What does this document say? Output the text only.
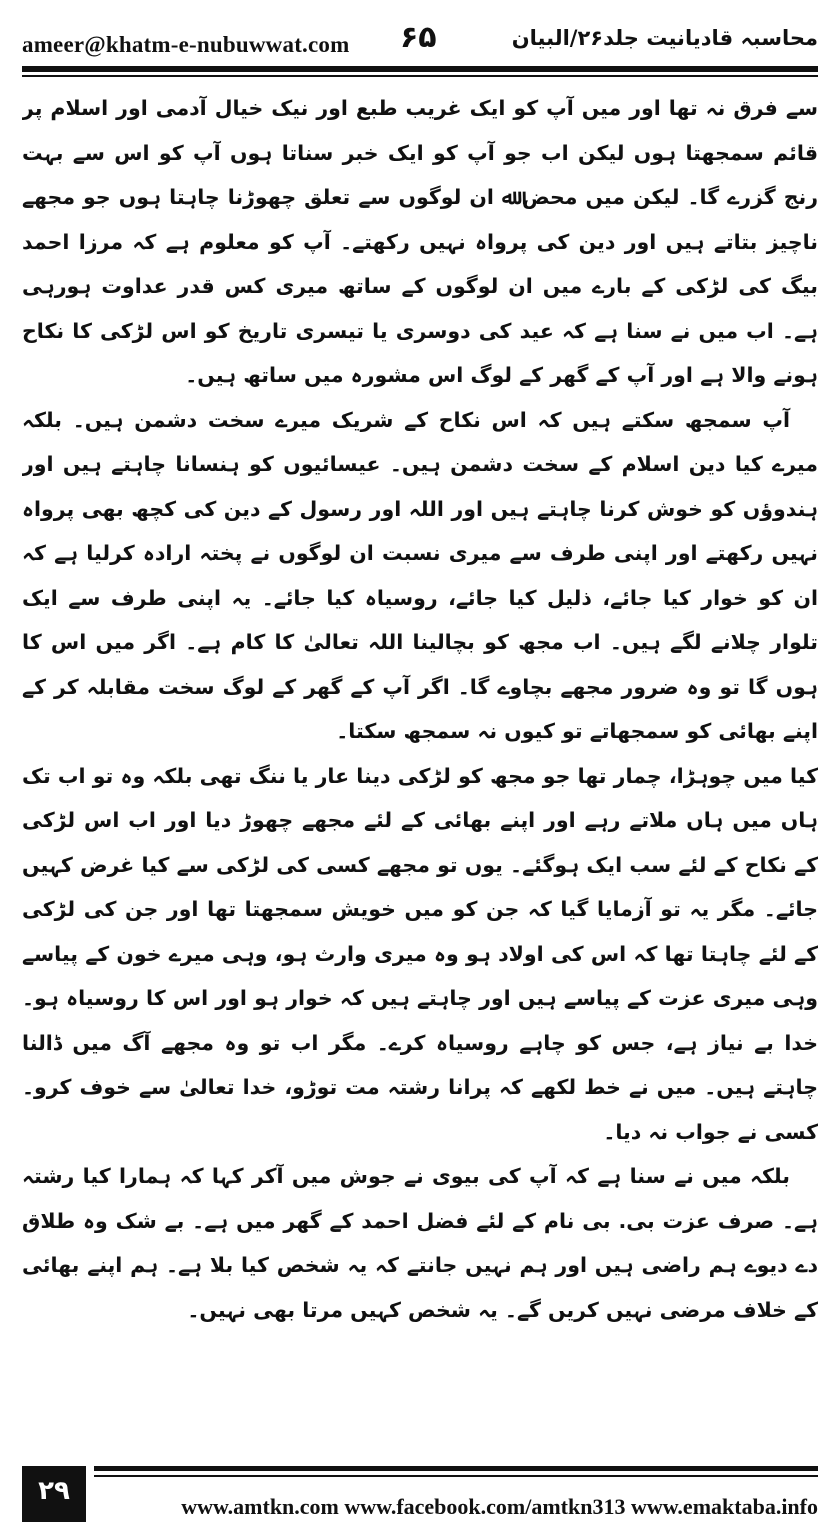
ameer@khatm-e-nubuwwat.com ۶۵	محاسبہ قادیانیت جلد۲۶/البیان

سے فرق نہ تھا اور میں آپ کو ایک غریب طبع اور نیک خیال آدمی اور اسلام پر قائم سمجھتا ہوں لیکن اب جو آپ کو ایک خبر سناتا ہوں آپ کو اس سے بہت رنج گزرے گا۔ لیکن میں محض ﷲ ان لوگوں سے تعلق چھوڑنا چاہتا ہوں جو مجھے ناچیز بتاتے ہیں اور دین کی پرواہ نہیں رکھتے۔ آپ کو معلوم ہے کہ مرزا احمد بیگ کی لڑکی کے بارے میں ان لوگوں کے ساتھ میری کس قدر عداوت ہورہی ہے۔ اب میں نے سنا ہے کہ عید کی دوسری یا تیسری تاریخ کو اس لڑکی کا نکاح ہونے والا ہے اور آپ کے گھر کے لوگ اس مشورہ میں ساتھ ہیں۔

آپ سمجھ سکتے ہیں کہ اس نکاح کے شریک میرے سخت دشمن ہیں۔ بلکہ میرے کیا دین اسلام کے سخت دشمن ہیں۔ عیسائیوں کو ہنسانا چاہتے ہیں اور ہندوؤں کو خوش کرنا چاہتے ہیں اور اللہ اور رسول کے دین کی کچھ بھی پرواہ نہیں رکھتے اور اپنی طرف سے میری نسبت ان لوگوں نے پختہ ارادہ کرلیا ہے کہ ان کو خوار کیا جائے، ذلیل کیا جائے، روسیاہ کیا جائے۔ یہ اپنی طرف سے ایک تلوار چلانے لگے ہیں۔ اب مجھ کو بچالینا اللہ تعالیٰ کا کام ہے۔ اگر میں اس کا ہوں گا تو وہ ضرور مجھے بچاوے گا۔ اگر آپ کے گھر کے لوگ سخت مقابلہ کر کے اپنے بھائی کو سمجھاتے تو کیوں نہ سمجھ سکتا۔

کیا میں چوہڑا، چمار تھا جو مجھ کو لڑکی دینا عار یا ننگ تھی بلکہ وہ تو اب تک ہاں میں ہاں ملاتے رہے اور اپنے بھائی کے لئے مجھے چھوڑ دیا اور اب اس لڑکی کے نکاح کے لئے سب ایک ہوگئے۔ یوں تو مجھے کسی کی لڑکی سے کیا غرض کہیں جائے۔ مگر یہ تو آزمایا گیا کہ جن کو میں خویش سمجھتا تھا اور جن کی لڑکی کے لئے چاہتا تھا کہ اس کی اولاد ہو وہ میری وارث ہو، وہی میرے خون کے پیاسے وہی میری عزت کے پیاسے ہیں اور چاہتے ہیں کہ خوار ہو اور اس کا روسیاہ ہو۔ خدا بے نیاز ہے، جس کو چاہے روسیاہ کرے۔ مگر اب تو وہ مجھے آگ میں ڈالنا چاہتے ہیں۔ میں نے خط لکھے کہ پرانا رشتہ مت توڑو، خدا تعالیٰ سے خوف کرو۔ کسی نے جواب نہ دیا۔

بلکہ میں نے سنا ہے کہ آپ کی بیوی نے جوش میں آکر کہا کہ ہمارا کیا رشتہ ہے۔ صرف عزت بی. بی نام کے لئے فضل احمد کے گھر میں ہے۔ بے شک وہ طلاق دے دیوے ہم راضی ہیں اور ہم نہیں جانتے کہ یہ شخص کیا بلا ہے۔ ہم اپنے بھائی کے خلاف مرضی نہیں کریں گے۔ یہ شخص کہیں مرتا بھی نہیں۔

۲۹
www.amtkn.com www.facebook.com/amtkn313 www.emaktaba.info
